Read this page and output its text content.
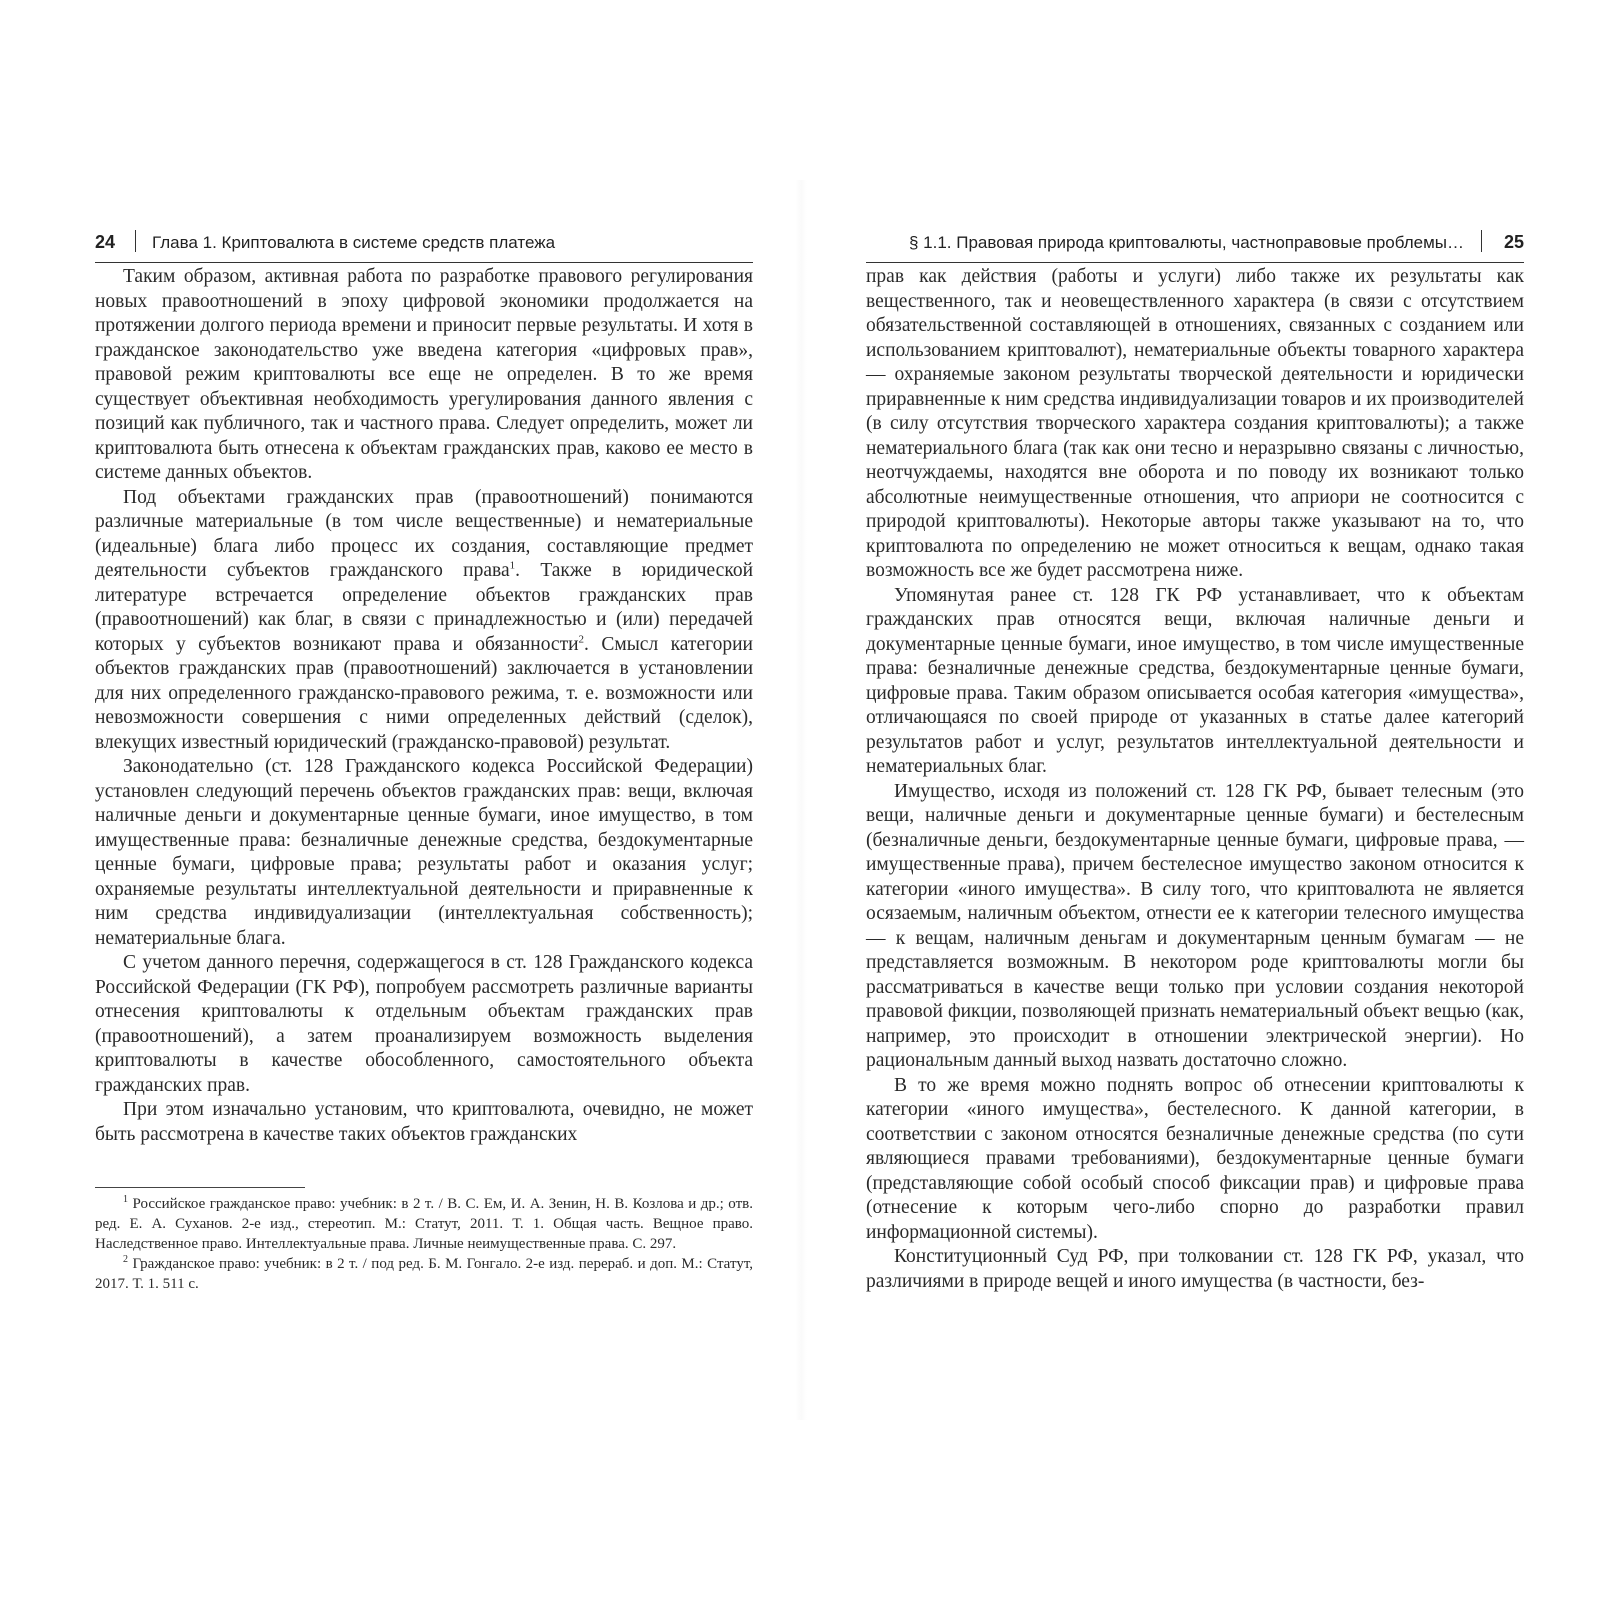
24 Глава 1. Криптовалюта в системе средств платежа

Таким образом, активная работа по разработке правового регулирования новых правоотношений в эпоху цифровой экономики продолжается на протяжении долгого периода времени и приносит первые результаты. И хотя в гражданское законодательство уже введена категория «цифровых прав», правовой режим криптовалюты все еще не определен. В то же время существует объективная необходимость урегулирования данного явления с позиций как публичного, так и частного права. Следует определить, может ли криптовалюта быть отнесена к объектам гражданских прав, каково ее место в системе данных объектов.

Под объектами гражданских прав (правоотношений) понимаются различные материальные (в том числе вещественные) и нематериальные (идеальные) блага либо процесс их создания, составляющие предмет деятельности субъектов гражданского права$^1$. Также в юридической литературе встречается определение объектов гражданских прав (правоотношений) как благ, в связи с принадлежностью и (или) передачей которых у субъектов возникают права и обязанности$^2$. Смысл категории объектов гражданских прав (правоотношений) заключается в установлении для них определенного гражданско-правового режима, т. е. возможности или невозможности совершения с ними определенных действий (сделок), влекущих известный юридический (гражданско-правовой) результат.

Законодательно (ст. 128 Гражданского кодекса Российской Федерации) установлен следующий перечень объектов гражданских прав: вещи, включая наличные деньги и документарные ценные бумаги, иное имущество, в том имущественные права: безналичные денежные средства, бездокументарные ценные бумаги, цифровые права; результаты работ и оказания услуг; охраняемые результаты интеллектуальной деятельности и приравненные к ним средства индивидуализации (интеллектуальная собственность); нематериальные блага.

С учетом данного перечня, содержащегося в ст. 128 Гражданского кодекса Российской Федерации (ГК РФ), попробуем рассмотреть различные варианты отнесения криптовалюты к отдельным объектам гражданских прав (правоотношений), а затем проанализируем возможность выделения криптовалюты в качестве обособленного, самостоятельного объекта гражданских прав.

При этом изначально установим, что криптовалюта, очевидно, не может быть рассмотрена в качестве таких объектов гражданских

$^1$ Российское гражданское право: учебник: в 2 т. / В. С. Ем, И. А. Зенин, Н. В. Козлова и др.; отв. ред. Е. А. Суханов. 2-е изд., стереотип. М.: Статут, 2011. Т. 1. Общая часть. Вещное право. Наследственное право. Интеллектуальные права. Личные неимущественные права. С. 297.

$^2$ Гражданское право: учебник: в 2 т. / под ред. Б. М. Гонгало. 2-е изд. перераб. и доп. М.: Статут, 2017. Т. 1. 511 с.

§ 1.1. Правовая природа криптовалюты, частноправовые проблемы… 25

прав как действия (работы и услуги) либо также их результаты как вещественного, так и неовеществленного характера (в связи с отсутствием обязательственной составляющей в отношениях, связанных с созданием или использованием криптовалют), нематериальные объекты товарного характера — охраняемые законом результаты творческой деятельности и юридически приравненные к ним средства индивидуализации товаров и их производителей (в силу отсутствия творческого характера создания криптовалюты); а также нематериального блага (так как они тесно и неразрывно связаны с личностью, неотчуждаемы, находятся вне оборота и по поводу их возникают только абсолютные неимущественные отношения, что априори не соотносится с природой криптовалюты). Некоторые авторы также указывают на то, что криптовалюта по определению не может относиться к вещам, однако такая возможность все же будет рассмотрена ниже.

Упомянутая ранее ст. 128 ГК РФ устанавливает, что к объектам гражданских прав относятся вещи, включая наличные деньги и документарные ценные бумаги, иное имущество, в том числе имущественные права: безналичные денежные средства, бездокументарные ценные бумаги, цифровые права. Таким образом описывается особая категория «имущества», отличающаяся по своей природе от указанных в статье далее категорий результатов работ и услуг, результатов интеллектуальной деятельности и нематериальных благ.

Имущество, исходя из положений ст. 128 ГК РФ, бывает телесным (это вещи, наличные деньги и документарные ценные бумаги) и бестелесным (безналичные деньги, бездокументарные ценные бумаги, цифровые права, — имущественные права), причем бестелесное имущество законом относится к категории «иного имущества». В силу того, что криптовалюта не является осязаемым, наличным объектом, отнести ее к категории телесного имущества — к вещам, наличным деньгам и документарным ценным бумагам — не представляется возможным. В некотором роде криптовалюты могли бы рассматриваться в качестве вещи только при условии создания некоторой правовой фикции, позволяющей признать нематериальный объект вещью (как, например, это происходит в отношении электрической энергии). Но рациональным данный выход назвать достаточно сложно.

В то же время можно поднять вопрос об отнесении криптовалюты к категории «иного имущества», бестелесного. К данной категории, в соответствии с законом относятся безналичные денежные средства (по сути являющиеся правами требованиями), бездокументарные ценные бумаги (представляющие собой особый способ фиксации прав) и цифровые права (отнесение к которым чего-либо спорно до разработки правил информационной системы).

Конституционный Суд РФ, при толковании ст. 128 ГК РФ, указал, что различиями в природе вещей и иного имущества (в частности, без-
